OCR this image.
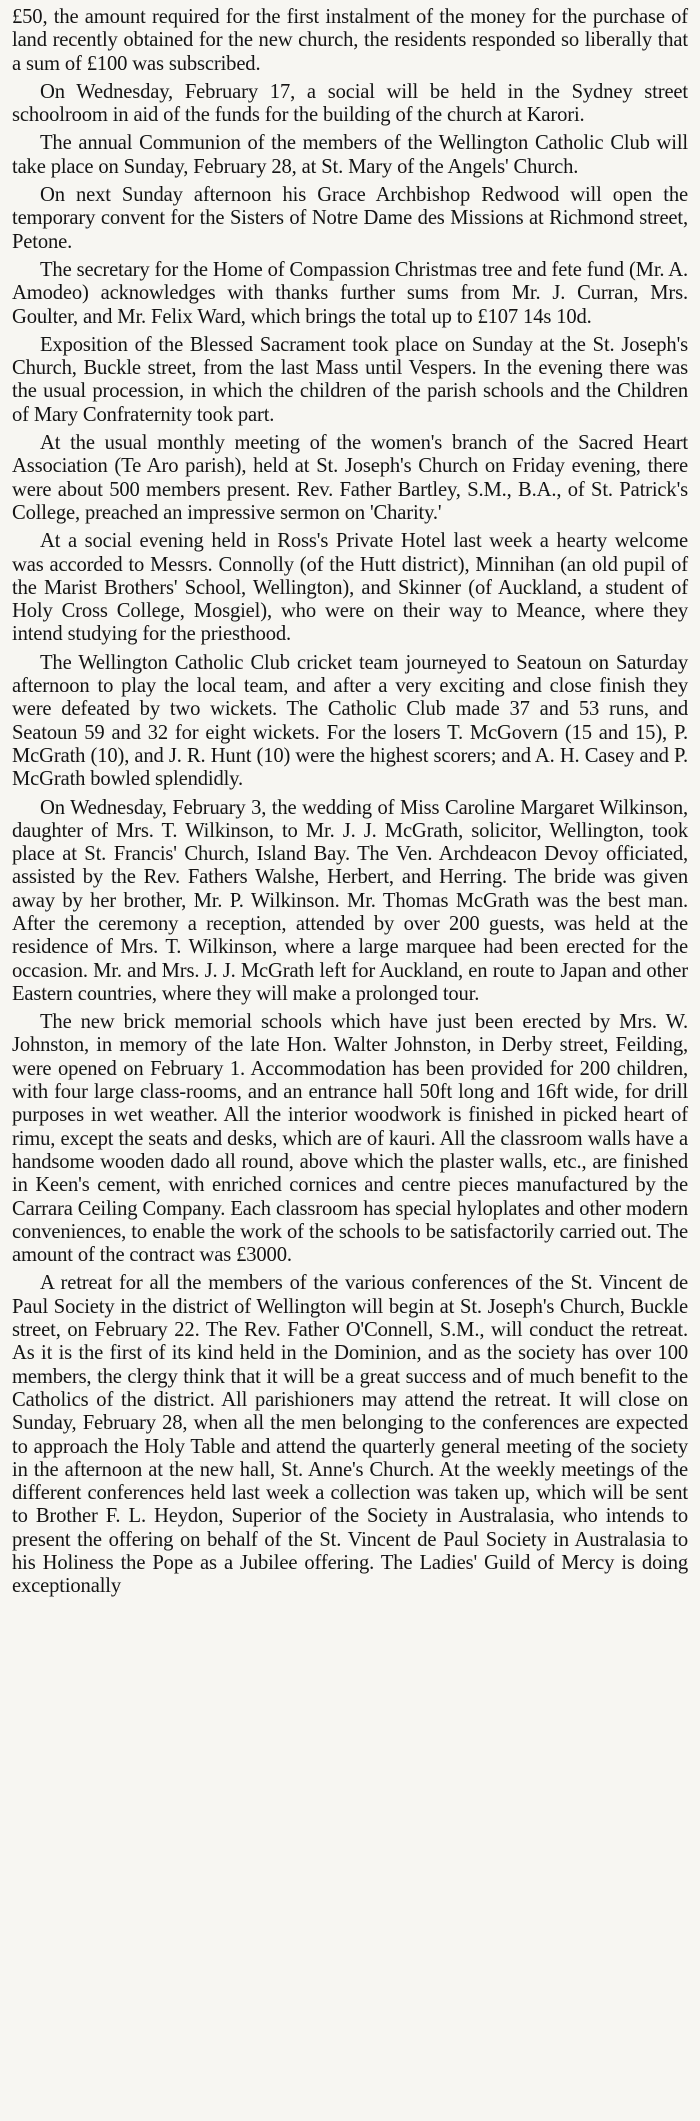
£50, the amount required for the first instalment of the money for the purchase of land recently obtained for the new church, the residents responded so liberally that a sum of £100 was subscribed.

On Wednesday, February 17, a social will be held in the Sydney street schoolroom in aid of the funds for the building of the church at Karori.

The annual Communion of the members of the Wellington Catholic Club will take place on Sunday, February 28, at St. Mary of the Angels' Church.

On next Sunday afternoon his Grace Archbishop Redwood will open the temporary convent for the Sisters of Notre Dame des Missions at Richmond street, Petone.

The secretary for the Home of Compassion Christmas tree and fete fund (Mr. A. Amodeo) acknowledges with thanks further sums from Mr. J. Curran, Mrs. Goulter, and Mr. Felix Ward, which brings the total up to £107 14s 10d.

Exposition of the Blessed Sacrament took place on Sunday at the St. Joseph's Church, Buckle street, from the last Mass until Vespers. In the evening there was the usual procession, in which the children of the parish schools and the Children of Mary Confraternity took part.

At the usual monthly meeting of the women's branch of the Sacred Heart Association (Te Aro parish), held at St. Joseph's Church on Friday evening, there were about 500 members present. Rev. Father Bartley, S.M., B.A., of St. Patrick's College, preached an impressive sermon on 'Charity.'

At a social evening held in Ross's Private Hotel last week a hearty welcome was accorded to Messrs. Connolly (of the Hutt district), Minnihan (an old pupil of the Marist Brothers' School, Wellington), and Skinner (of Auckland, a student of Holy Cross College, Mosgiel), who were on their way to Meance, where they intend studying for the priesthood.

The Wellington Catholic Club cricket team journeyed to Seatoun on Saturday afternoon to play the local team, and after a very exciting and close finish they were defeated by two wickets. The Catholic Club made 37 and 53 runs, and Seatoun 59 and 32 for eight wickets. For the losers T. McGovern (15 and 15), P. McGrath (10), and J. R. Hunt (10) were the highest scorers; and A. H. Casey and P. McGrath bowled splendidly.

On Wednesday, February 3, the wedding of Miss Caroline Margaret Wilkinson, daughter of Mrs. T. Wilkinson, to Mr. J. J. McGrath, solicitor, Wellington, took place at St. Francis' Church, Island Bay. The Ven. Archdeacon Devoy officiated, assisted by the Rev. Fathers Walshe, Herbert, and Herring. The bride was given away by her brother, Mr. P. Wilkinson. Mr. Thomas McGrath was the best man. After the ceremony a reception, attended by over 200 guests, was held at the residence of Mrs. T. Wilkinson, where a large marquee had been erected for the occasion. Mr. and Mrs. J. J. McGrath left for Auckland, en route to Japan and other Eastern countries, where they will make a prolonged tour.

The new brick memorial schools which have just been erected by Mrs. W. Johnston, in memory of the late Hon. Walter Johnston, in Derby street, Feilding, were opened on February 1. Accommodation has been provided for 200 children, with four large class-rooms, and an entrance hall 50ft long and 16ft wide, for drill purposes in wet weather. All the interior woodwork is finished in picked heart of rimu, except the seats and desks, which are of kauri. All the classroom walls have a handsome wooden dado all round, above which the plaster walls, etc., are finished in Keen's cement, with enriched cornices and centre pieces manufactured by the Carrara Ceiling Company. Each classroom has special hyloplates and other modern conveniences, to enable the work of the schools to be satisfactorily carried out. The amount of the contract was £3000.

A retreat for all the members of the various conferences of the St. Vincent de Paul Society in the district of Wellington will begin at St. Joseph's Church, Buckle street, on February 22. The Rev. Father O'Connell, S.M., will conduct the retreat. As it is the first of its kind held in the Dominion, and as the society has over 100 members, the clergy think that it will be a great success and of much benefit to the Catholics of the district. All parishioners may attend the retreat. It will close on Sunday, February 28, when all the men belonging to the conferences are expected to approach the Holy Table and attend the quarterly general meeting of the society in the afternoon at the new hall, St. Anne's Church. At the weekly meetings of the different conferences held last week a collection was taken up, which will be sent to Brother F. L. Heydon, Superior of the Society in Australasia, who intends to present the offering on behalf of the St. Vincent de Paul Society in Australasia to his Holiness the Pope as a Jubilee offering. The Ladies' Guild of Mercy is doing exceptionally
